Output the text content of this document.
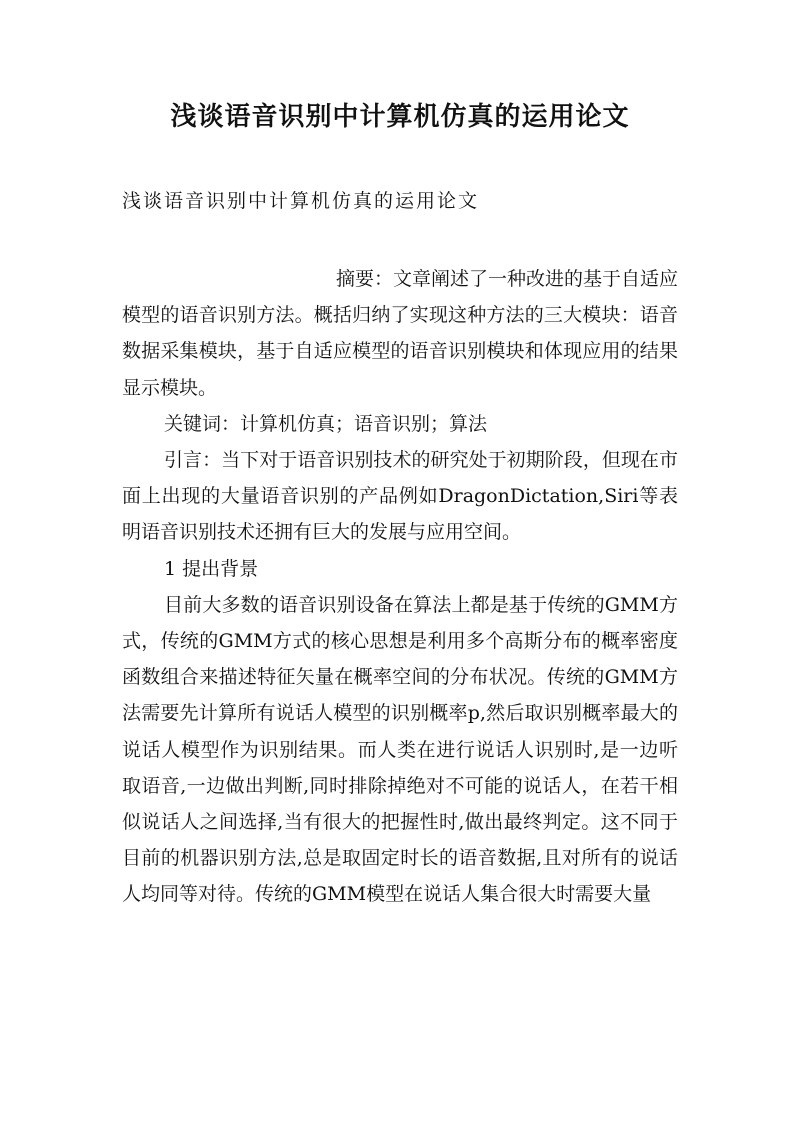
浅谈语音识别中计算机仿真的运用论文
浅谈语音识别中计算机仿真的运用论文

摘要：文章阐述了一种改进的基于自适应模型的语音识别方法。概括归纳了实现这种方法的三大模块：语音数据采集模块，基于自适应模型的语音识别模块和体现应用的结果显示模块。

关键词：计算机仿真；语音识别；算法

引言：当下对于语音识别技术的研究处于初期阶段，但现在市面上出现的大量语音识别的产品例如DragonDictation,Siri等表明语音识别技术还拥有巨大的发展与应用空间。

1 提出背景

目前大多数的语音识别设备在算法上都是基于传统的GMM方式，传统的GMM方式的核心思想是利用多个高斯分布的概率密度函数组合来描述特征矢量在概率空间的分布状况。传统的GMM方法需要先计算所有说话人模型的识别概率p,然后取识别概率最大的说话人模型作为识别结果。而人类在进行说话人识别时,是一边听取语音,一边做出判断,同时排除掉绝对不可能的说话人，在若干相似说话人之间选择,当有很大的把握性时,做出最终判定。这不同于目前的机器识别方法,总是取固定时长的语音数据,且对所有的说话人均同等对待。传统的GMM模型在说话人集合很大时需要大量
